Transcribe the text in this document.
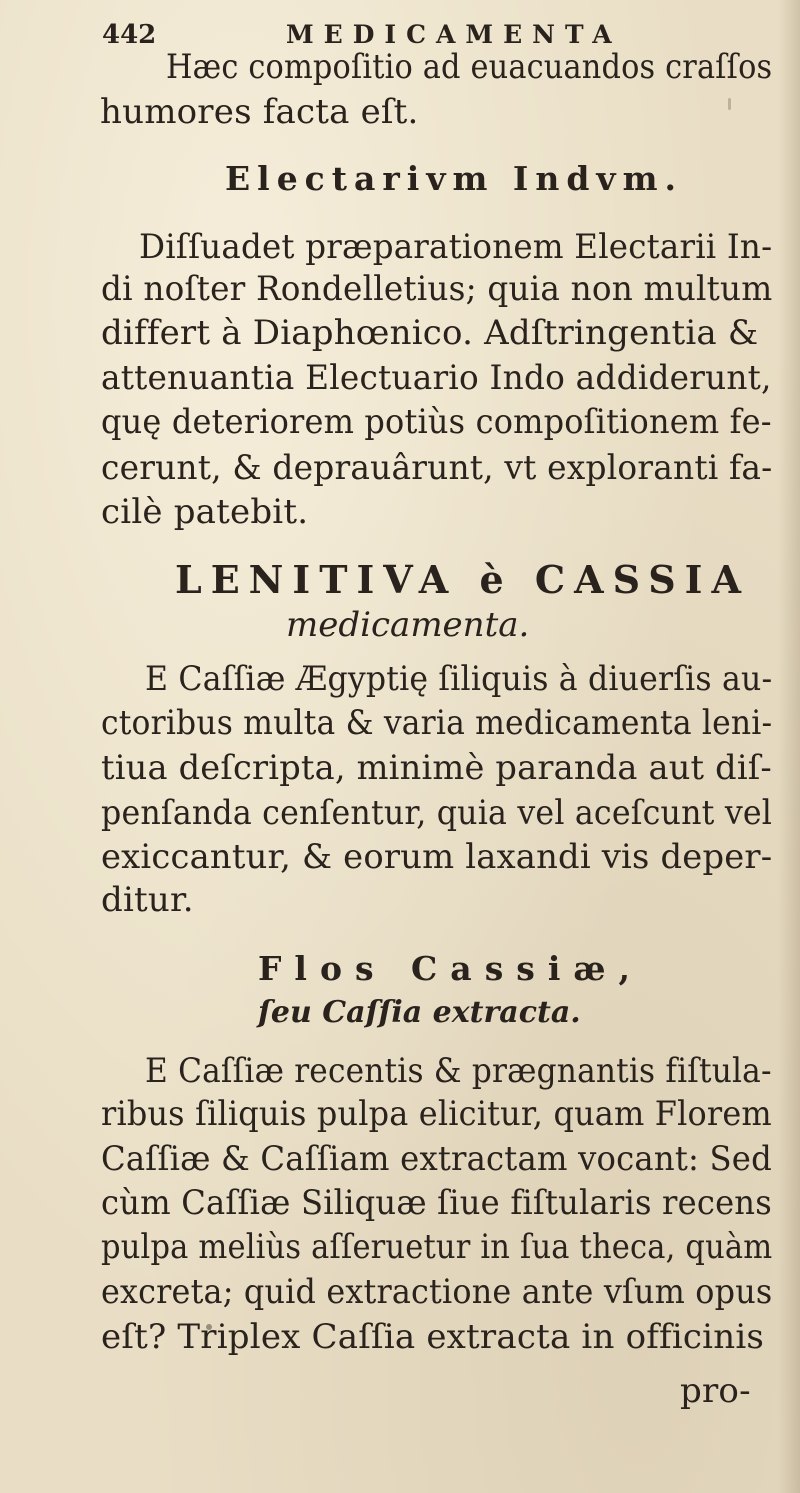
442	MEDICAMENTA
Hæc compoſitio ad euacuandos craſſos
humores facta eſt.
Electarivm Indvm.
Diſſuadet præparationem Electarii In-
di noſter Rondelletius; quia non multum
differt à Diaphœnico. Adſtringentia &
attenuantia Electuario Indo addiderunt,
quę deteriorem potiùs compoſitionem fe-
cerunt, & deprauârunt, vt exploranti fa-
cilè patebit.
LENITIVA è CASSIA
medicamenta.
E Caſſiæ Ægyptię ſiliquis à diuerſis au-
ctoribus multa & varia medicamenta leni-
tiua deſcripta, minimè paranda aut diſ-
penſanda cenſentur, quia vel aceſcunt vel
exiccantur, & eorum laxandi vis deper-
ditur.
Flos Cassiæ,
ſeu Caſſia extracta.
E Caſſiæ recentis & prægnantis fiſtula-
ribus ſiliquis pulpa elicitur, quam Florem
Caſſiæ & Caſſiam extractam vocant: Sed
cùm Caſſiæ Siliquæ ſiue fiſtularis recens
pulpa meliùs aſſeruetur in ſua theca, quàm
excreta; quid extractione ante vſum opus
eſt? Triplex Caſſia extracta in officinis
pro-
